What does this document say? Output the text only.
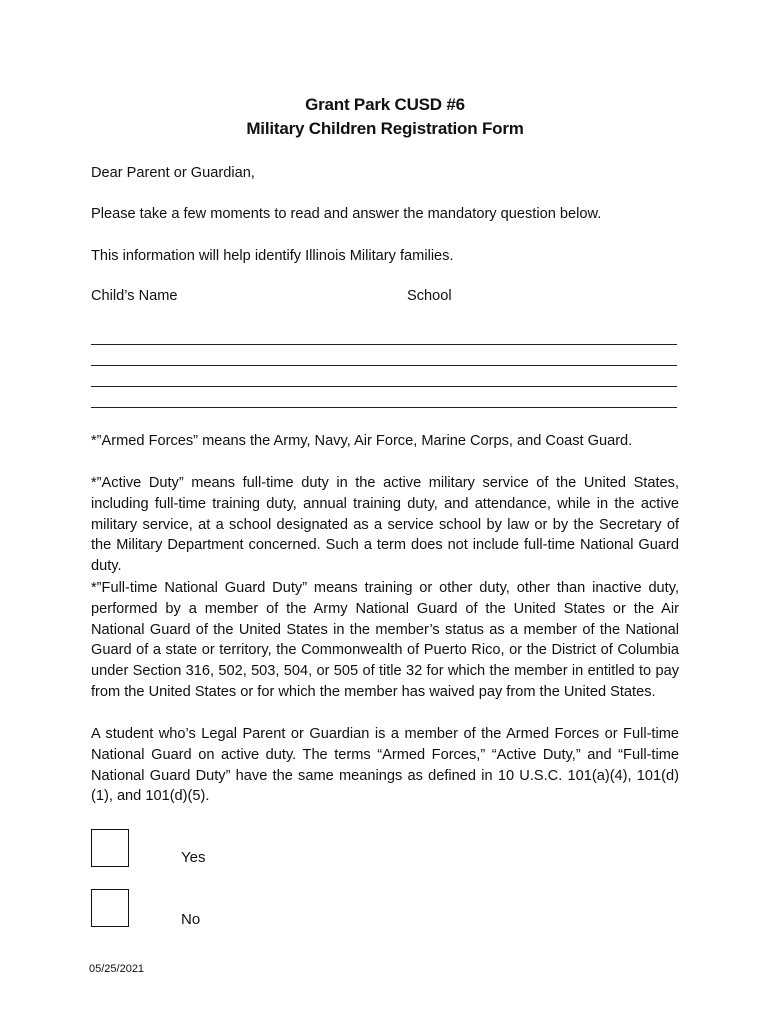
Grant Park CUSD #6
Military Children Registration Form
Dear Parent or Guardian,
Please take a few moments to read and answer the mandatory question below.
This information will help identify Illinois Military families.
Child’s Name	School
*”Armed Forces” means the Army, Navy, Air Force, Marine Corps, and Coast Guard.
*”Active Duty” means full-time duty in the active military service of the United States, including full-time training duty, annual training duty, and attendance, while in the active military service, at a school designated as a service school by law or by the Secretary of the Military Department concerned. Such a term does not include full-time National Guard duty.
*”Full-time National Guard Duty” means training or other duty, other than inactive duty, performed by a member of the Army National Guard of the United States or the Air National Guard of the United States in the member’s status as a member of the National Guard of a state or territory, the Commonwealth of Puerto Rico, or the District of Columbia under Section 316, 502, 503, 504, or 505 of title 32 for which the member in entitled to pay from the United States or for which the member has waived pay from the United States.
A student who’s Legal Parent or Guardian is a member of the Armed Forces or Full-time National Guard on active duty. The terms “Armed Forces,” “Active Duty,” and “Full-time National Guard Duty” have the same meanings as defined in 10 U.S.C. 101(a)(4), 101(d)(1), and 101(d)(5).
Yes
No
05/25/2021
